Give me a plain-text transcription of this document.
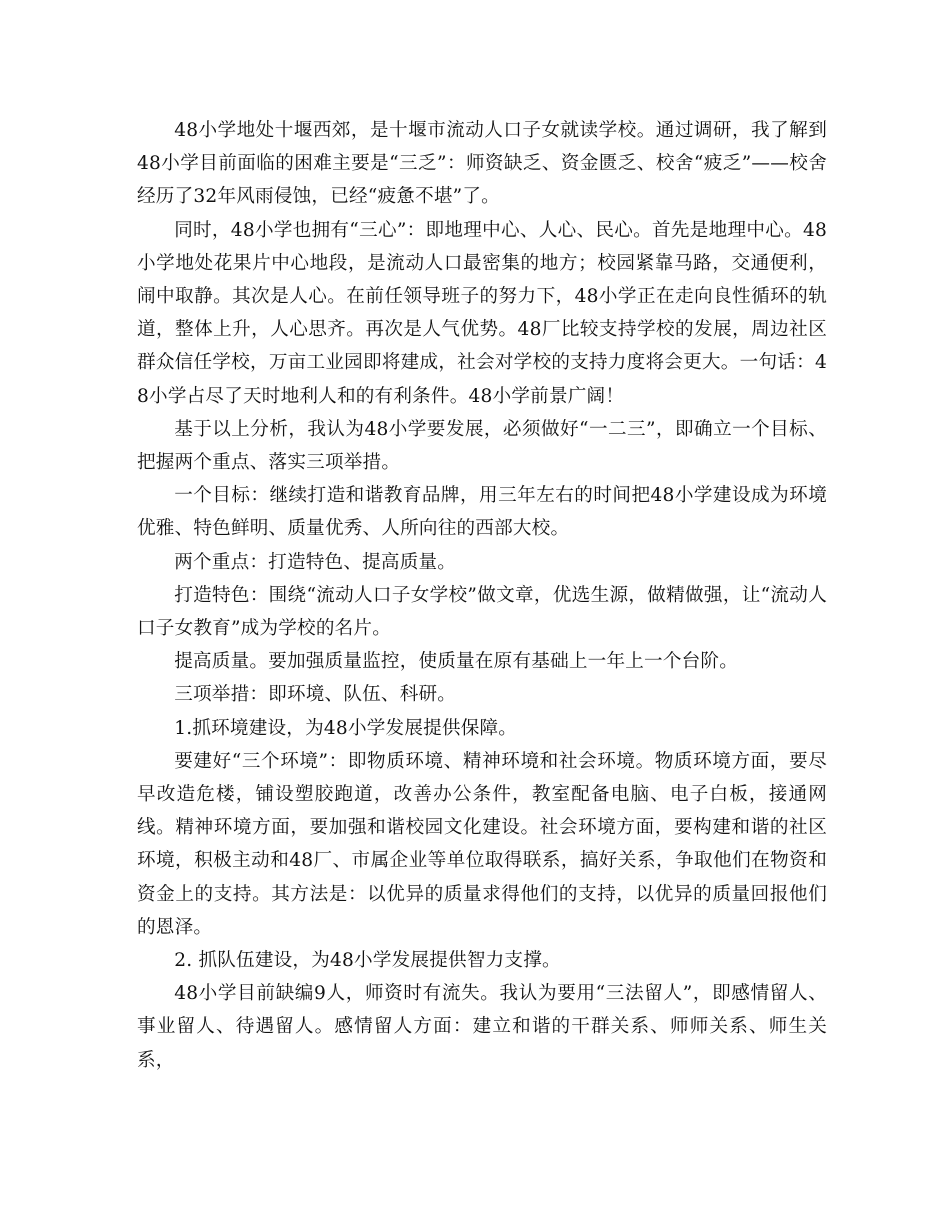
48小学地处十堰西郊，是十堰市流动人口子女就读学校。通过调研，我了解到48小学目前面临的困难主要是“三乏”：师资缺乏、资金匮乏、校舍“疲乏”——校舍经历了32年风雨侵蚀，已经“疲惫不堪”了。

同时，48小学也拥有“三心”：即地理中心、人心、民心。首先是地理中心。48小学地处花果片中心地段，是流动人口最密集的地方；校园紧靠马路，交通便利，闹中取静。其次是人心。在前任领导班子的努力下，48小学正在走向良性循环的轨道，整体上升，人心思齐。再次是人气优势。48厂比较支持学校的发展，周边社区群众信任学校，万亩工业园即将建成，社会对学校的支持力度将会更大。一句话：48小学占尽了天时地利人和的有利条件。48小学前景广阔！

基于以上分析，我认为48小学要发展，必须做好“一二三”，即确立一个目标、把握两个重点、落实三项举措。

一个目标：继续打造和谐教育品牌，用三年左右的时间把48小学建设成为环境优雅、特色鲜明、质量优秀、人所向往的西部大校。

两个重点：打造特色、提高质量。

打造特色：围绕“流动人口子女学校”做文章，优选生源，做精做强，让“流动人口子女教育”成为学校的名片。

提高质量。要加强质量监控，使质量在原有基础上一年上一个台阶。

三项举措：即环境、队伍、科研。

1.抓环境建设，为48小学发展提供保障。

要建好“三个环境”：即物质环境、精神环境和社会环境。物质环境方面，要尽早改造危楼，铺设塑胶跑道，改善办公条件，教室配备电脑、电子白板，接通网线。精神环境方面，要加强和谐校园文化建设。社会环境方面，要构建和谐的社区环境，积极主动和48厂、市属企业等单位取得联系，搞好关系，争取他们在物资和资金上的支持。其方法是：以优异的质量求得他们的支持，以优异的质量回报他们的恩泽。

2. 抓队伍建设，为48小学发展提供智力支撑。

48小学目前缺编9人，师资时有流失。我认为要用“三法留人”，即感情留人、事业留人、待遇留人。感情留人方面：建立和谐的干群关系、师师关系、师生关系，
